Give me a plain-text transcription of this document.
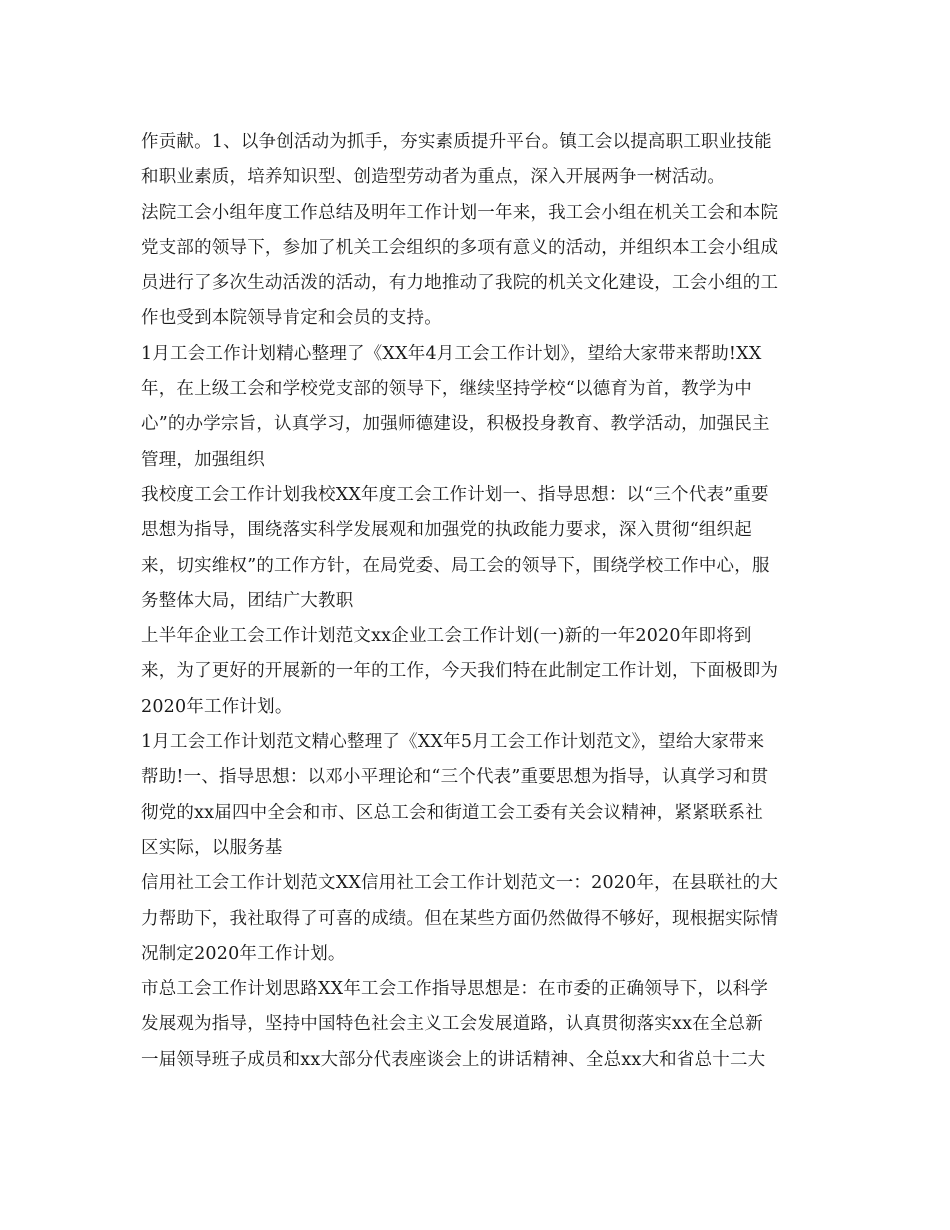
作贡献。1、以争创活动为抓手，夯实素质提升平台。镇工会以提高职工职业技能
和职业素质，培养知识型、创造型劳动者为重点，深入开展两争一树活动。
法院工会小组年度工作总结及明年工作计划一年来，我工会小组在机关工会和本院
党支部的领导下，参加了机关工会组织的多项有意义的活动，并组织本工会小组成
员进行了多次生动活泼的活动，有力地推动了我院的机关文化建设，工会小组的工
作也受到本院领导肯定和会员的支持。
1月工会工作计划精心整理了《XX年4月工会工作计划》，望给大家带来帮助!XX
年，在上级工会和学校党支部的领导下，继续坚持学校“以德育为首，教学为中
心”的办学宗旨，认真学习，加强师德建设，积极投身教育、教学活动，加强民主
管理，加强组织
我校度工会工作计划我校XX年度工会工作计划一、指导思想：以“三个代表”重要
思想为指导，围绕落实科学发展观和加强党的执政能力要求，深入贯彻“组织起
来，切实维权”的工作方针，在局党委、局工会的领导下，围绕学校工作中心，服
务整体大局，团结广大教职
上半年企业工会工作计划范文xx企业工会工作计划(一)新的一年2020年即将到
来，为了更好的开展新的一年的工作，今天我们特在此制定工作计划，下面极即为
2020年工作计划。
1月工会工作计划范文精心整理了《XX年5月工会工作计划范文》，望给大家带来
帮助!一、指导思想：以邓小平理论和“三个代表”重要思想为指导，认真学习和贯
彻党的xx届四中全会和市、区总工会和街道工会工委有关会议精神，紧紧联系社
区实际，以服务基
信用社工会工作计划范文XX信用社工会工作计划范文一：2020年，在县联社的大
力帮助下，我社取得了可喜的成绩。但在某些方面仍然做得不够好，现根据实际情
况制定2020年工作计划。
市总工会工作计划思路XX年工会工作指导思想是：在市委的正确领导下，以科学
发展观为指导，坚持中国特色社会主义工会发展道路，认真贯彻落实xx在全总新
一届领导班子成员和xx大部分代表座谈会上的讲话精神、全总xx大和省总十二大
